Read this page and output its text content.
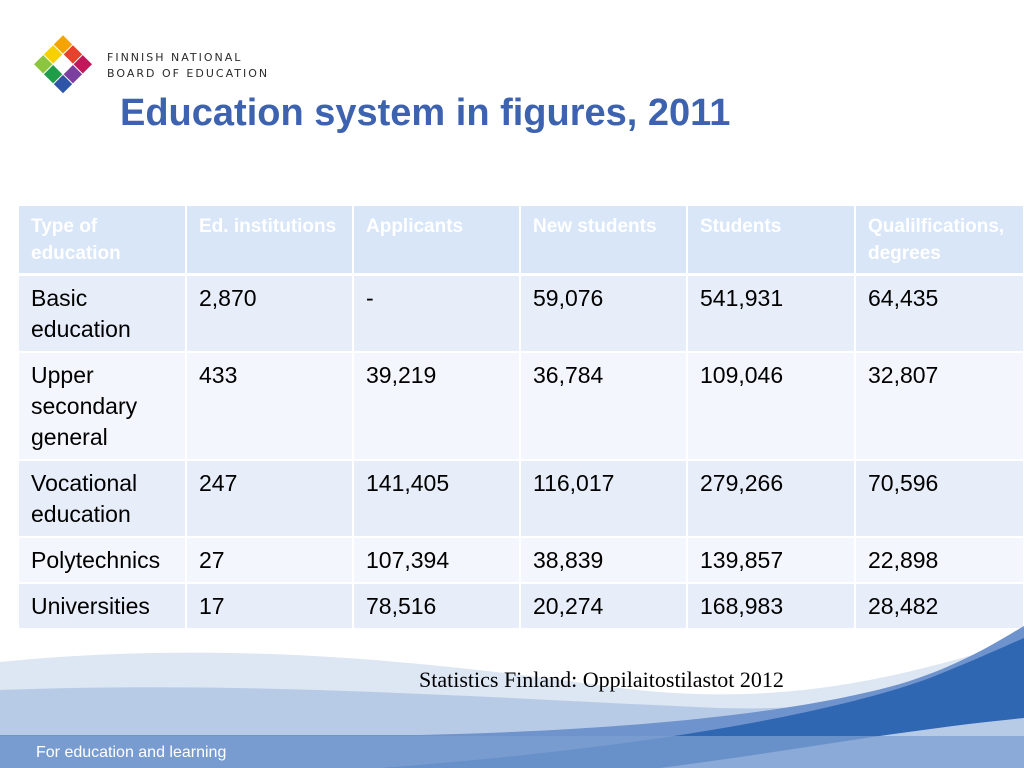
FINNISH NATIONAL
BOARD OF EDUCATION
Education system in figures, 2011
Type of education	Ed. institutions	Applicants	New students	Students	Qualilfications, degrees
Basic education	2,870	-	59,076	541,931	64,435
Upper secondary general	433	39,219	36,784	109,046	32,807
Vocational education	247	141,405	116,017	279,266	70,596
Polytechnics	27	107,394	38,839	139,857	22,898
Universities	17	78,516	20,274	168,983	28,482
Statistics Finland: Oppilaitostilastot 2012
For education and learning
